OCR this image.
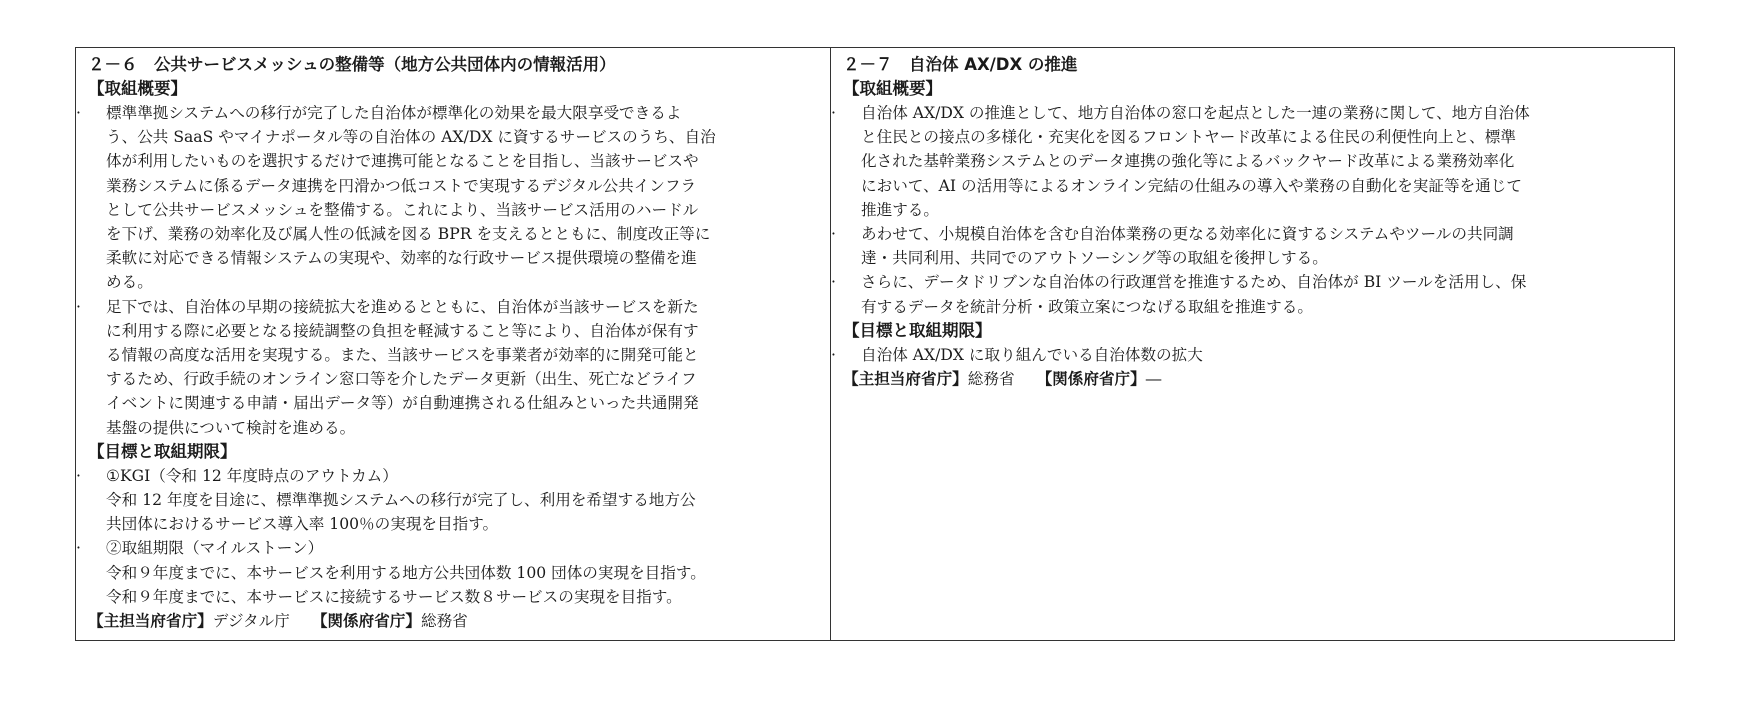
２－６　公共サービスメッシュの整備等（地方公共団体内の情報活用）
【取組概要】
·	標準準拠システムへの移行が完了した自治体が標準化の効果を最大限享受できるよ
う、公共 SaaS やマイナポータル等の自治体の AX/DX に資するサービスのうち、自治
体が利用したいものを選択するだけで連携可能となることを目指し、当該サービスや
業務システムに係るデータ連携を円滑かつ低コストで実現するデジタル公共インフラ
として公共サービスメッシュを整備する。これにより、当該サービス活用のハードル
を下げ、業務の効率化及び属人性の低減を図る BPR を支えるとともに、制度改正等に
柔軟に対応できる情報システムの実現や、効率的な行政サービス提供環境の整備を進
める。
·	足下では、自治体の早期の接続拡大を進めるとともに、自治体が当該サービスを新た
に利用する際に必要となる接続調整の負担を軽減すること等により、自治体が保有す
る情報の高度な活用を実現する。また、当該サービスを事業者が効率的に開発可能と
するため、行政手続のオンライン窓口等を介したデータ更新（出生、死亡などライフ
イベントに関連する申請・届出データ等）が自動連携される仕組みといった共通開発
基盤の提供について検討を進める。
【目標と取組期限】
·	①KGI（令和 12 年度時点のアウトカム）
令和 12 年度を目途に、標準準拠システムへの移行が完了し、利用を希望する地方公
共団体におけるサービス導入率 100％の実現を目指す。
·	②取組期限（マイルストーン）
令和９年度までに、本サービスを利用する地方公共団体数 100 団体の実現を目指す。
令和９年度までに、本サービスに接続するサービス数８サービスの実現を目指す。
【主担当府省庁】デジタル庁 【関係府省庁】総務省
２－７　自治体 AX/DX の推進
【取組概要】
·	自治体 AX/DX の推進として、地方自治体の窓口を起点とした一連の業務に関して、地方自治体
と住民との接点の多様化・充実化を図るフロントヤード改革による住民の利便性向上と、標準
化された基幹業務システムとのデータ連携の強化等によるバックヤード改革による業務効率化
において、AI の活用等によるオンライン完結の仕組みの導入や業務の自動化を実証等を通じて
推進する。
·	あわせて、小規模自治体を含む自治体業務の更なる効率化に資するシステムやツールの共同調
達・共同利用、共同でのアウトソーシング等の取組を後押しする。
·	さらに、データドリブンな自治体の行政運営を推進するため、自治体が BI ツールを活用し、保
有するデータを統計分析・政策立案につなげる取組を推進する。
【目標と取組期限】
·	自治体 AX/DX に取り組んでいる自治体数の拡大
【主担当府省庁】総務省 【関係府省庁】―
